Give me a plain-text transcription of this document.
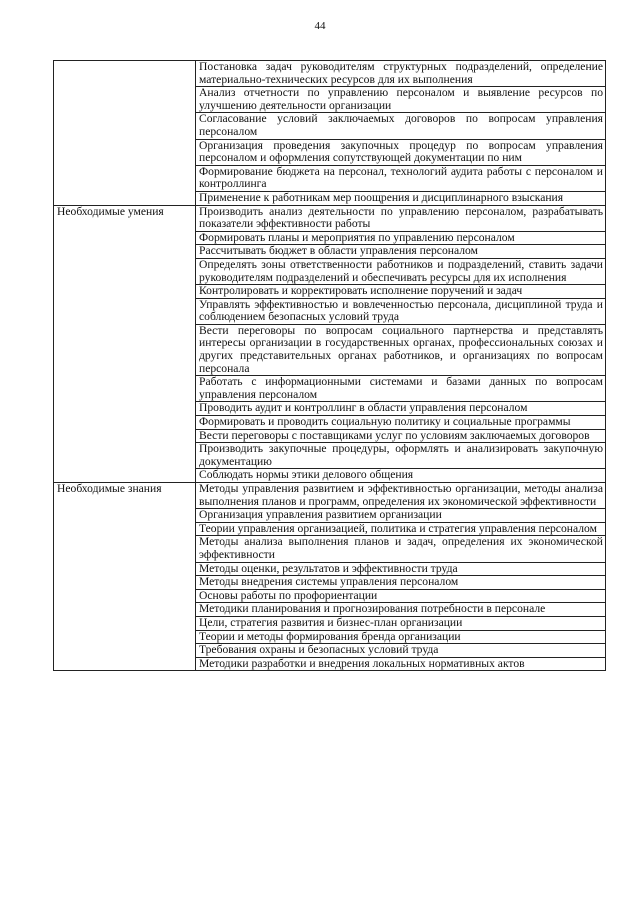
44
	Постановка задач руководителям структурных подразделений, определение материально-технических ресурсов для их выполнения
	Анализ отчетности по управлению персоналом и выявление ресурсов по улучшению деятельности организации
	Согласование условий заключаемых договоров по вопросам управления персоналом
	Организация проведения закупочных процедур по вопросам управления персоналом и оформления сопутствующей документации по ним
	Формирование бюджета на персонал, технологий аудита работы с персоналом и контроллинга
	Применение к работникам мер поощрения и дисциплинарного взыскания
Необходимые умения	Производить анализ деятельности по управлению персоналом, разрабатывать показатели эффективности работы
	Формировать планы и мероприятия по управлению персоналом
	Рассчитывать бюджет в области управления персоналом
	Определять зоны ответственности работников и подразделений, ставить задачи руководителям подразделений и обеспечивать ресурсы для их исполнения
	Контролировать и корректировать исполнение поручений и задач
	Управлять эффективностью и вовлеченностью персонала, дисциплиной труда и соблюдением безопасных условий труда
	Вести переговоры по вопросам социального партнерства и представлять интересы организации в государственных органах, профессиональных союзах и других представительных органах работников, и организациях по вопросам персонала
	Работать с информационными системами и базами данных по вопросам управления персоналом
	Проводить аудит и контроллинг в области управления персоналом
	Формировать и проводить социальную политику и социальные программы
	Вести переговоры с поставщиками услуг по условиям заключаемых договоров
	Производить закупочные процедуры, оформлять и анализировать закупочную документацию
	Соблюдать нормы этики делового общения
Необходимые знания	Методы управления развитием и эффективностью организации, методы анализа выполнения планов и программ, определения их экономической эффективности
	Организация управления развитием организации
	Теории управления организацией, политика и стратегия управления персоналом
	Методы анализа выполнения планов и задач, определения их экономической эффективности
	Методы оценки, результатов и эффективности труда
	Методы внедрения системы управления персоналом
	Основы работы по профориентации
	Методики планирования и прогнозирования потребности в персонале
	Цели, стратегия развития и бизнес-план организации
	Теории и методы формирования бренда организации
	Требования охраны и безопасных условий труда
	Методики разработки и внедрения локальных нормативных актов
